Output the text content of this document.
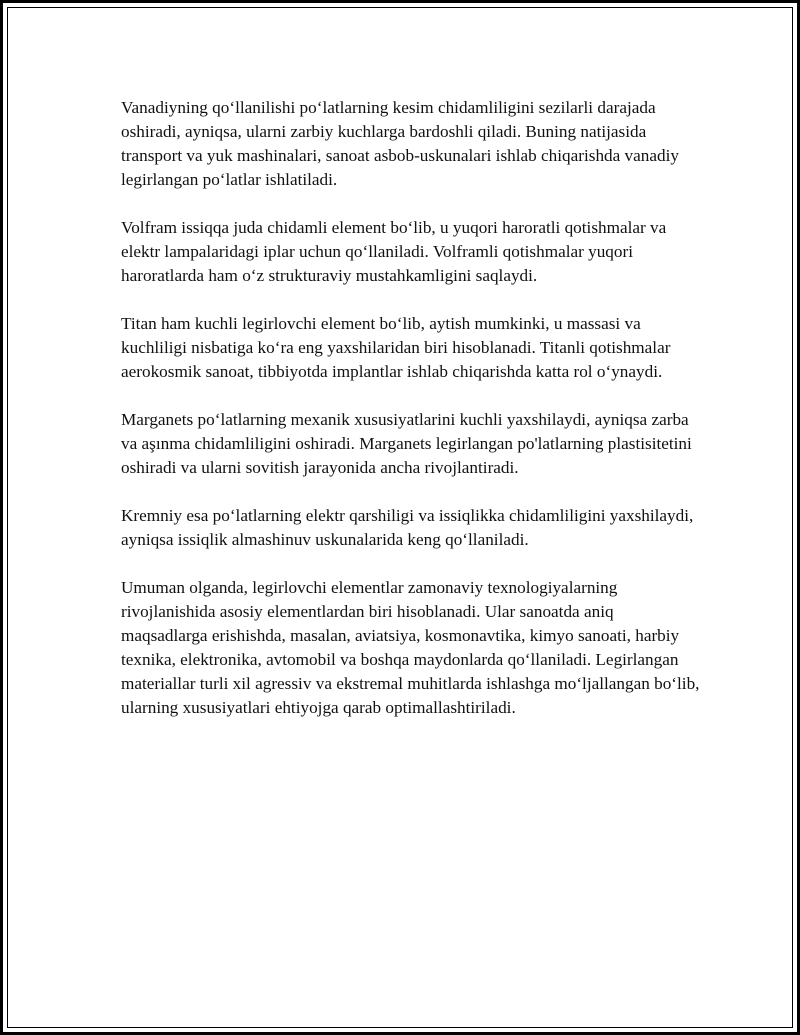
Vanadiyning qo‘llanilishi po‘latlarning kesim chidamliligini sezilarli darajada oshiradi, ayniqsa, ularni zarbiy kuchlarga bardoshli qiladi. Buning natijasida transport va yuk mashinalari, sanoat asbob-uskunalari ishlab chiqarishda vanadiy legirlangan po‘latlar ishlatiladi.

Volfram issiqqa juda chidamli element bo‘lib, u yuqori haroratli qotishmalar va elektr lampalaridagi iplar uchun qo‘llaniladi. Volframli qotishmalar yuqori haroratlarda ham o‘z strukturaviy mustahkamligini saqlaydi.

Titan ham kuchli legirlovchi element bo‘lib, aytish mumkinki, u massasi va kuchliligi nisbatiga ko‘ra eng yaxshilaridan biri hisoblanadi. Titanli qotishmalar aerokosmik sanoat, tibbiyotda implantlar ishlab chiqarishda katta rol o‘ynaydi.

Marganets po‘latlarning mexanik xususiyatlarini kuchli yaxshilaydi, ayniqsa zarba va aşınma chidamliligini oshiradi. Marganets legirlangan po'latlarning plastisitetini oshiradi va ularni sovitish jarayonida ancha rivojlantiradi.

Kremniy esa po‘latlarning elektr qarshiligi va issiqlikka chidamliligini yaxshilaydi, ayniqsa issiqlik almashinuv uskunalarida keng qo‘llaniladi.

Umuman olganda, legirlovchi elementlar zamonaviy texnologiyalarning rivojlanishida asosiy elementlardan biri hisoblanadi. Ular sanoatda aniq maqsadlarga erishishda, masalan, aviatsiya, kosmonavtika, kimyo sanoati, harbiy texnika, elektronika, avtomobil va boshqa maydonlarda qo‘llaniladi. Legirlangan materiallar turli xil agressiv va ekstremal muhitlarda ishlashga mo‘ljallangan bo‘lib, ularning xususiyatlari ehtiyojga qarab optimallashtiriladi.
